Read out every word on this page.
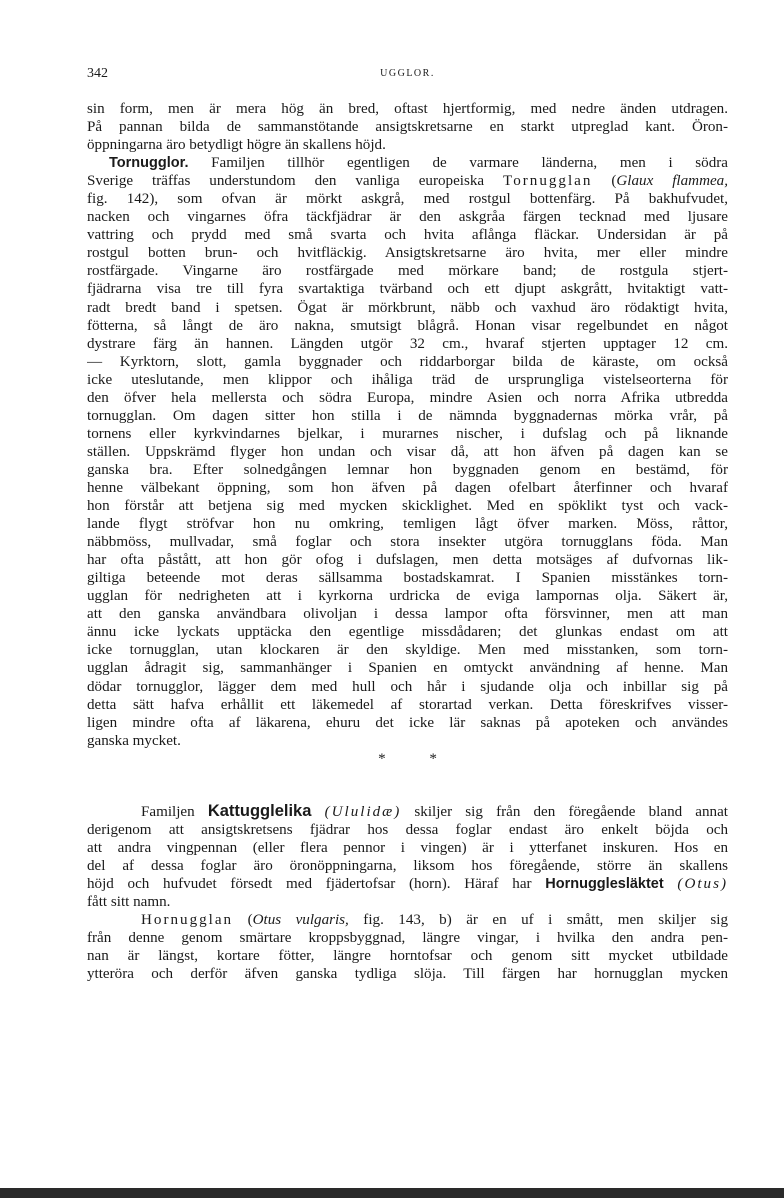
342	UGGLOR.

sin form, men är mera hög än bred, oftast hjertformig, med nedre änden utdragen.
På pannan bilda de sammanstötande ansigtskretsarne en starkt utpreglad kant. Öron-
öppningarna äro betydligt högre än skallens höjd.

Tornugglor. Familjen tillhör egentligen de varmare länderna, men i södra
Sverige träffas understundom den vanliga europeiska Tornugglan (Glaux flammea,
fig. 142), som ofvan är mörkt askgrå, med rostgul bottenfärg. På bakhufvudet,
nacken och vingarnes öfra täckfjädrar är den askgråa färgen tecknad med ljusare
vattring och prydd med små svarta och hvita aflånga fläckar. Undersidan är på
rostgul botten brun- och hvitfläckig. Ansigtskretsarne äro hvita, mer eller mindre
rostfärgade. Vingarne äro rostfärgade med mörkare band; de rostgula stjert-
fjädrarna visa tre till fyra svartaktiga tvärband och ett djupt askgrått, hvitaktigt vatt-
radt bredt band i spetsen. Ögat är mörkbrunt, näbb och vaxhud äro rödaktigt hvita,
fötterna, så långt de äro nakna, smutsigt blågrå. Honan visar regelbundet en något
dystrare färg än hannen. Längden utgör 32 cm., hvaraf stjerten upptager 12 cm.
— Kyrktorn, slott, gamla byggnader och riddarborgar bilda de käraste, om också
icke uteslutande, men klippor och ihåliga träd de ursprungliga vistelseorterna för
den öfver hela mellersta och södra Europa, mindre Asien och norra Afrika utbredda
tornugglan. Om dagen sitter hon stilla i de nämnda byggnadernas mörka vrår, på
tornens eller kyrkvindarnes bjelkar, i murarnes nischer, i dufslag och på liknande
ställen. Uppskrämd flyger hon undan och visar då, att hon äfven på dagen kan se
ganska bra. Efter solnedgången lemnar hon byggnaden genom en bestämd, för
henne välbekant öppning, som hon äfven på dagen ofelbart återfinner och hvaraf
hon förstår att betjena sig med mycken skicklighet. Med en spöklikt tyst och vack-
lande flygt ströfvar hon nu omkring, temligen lågt öfver marken. Möss, råttor,
näbbmöss, mullvadar, små foglar och stora insekter utgöra tornugglans föda. Man
har ofta påstått, att hon gör ofog i dufslagen, men detta motsäges af dufvornas lik-
giltiga beteende mot deras sällsamma bostadskamrat. I Spanien misstänkes torn-
ugglan för nedrigheten att i kyrkorna urdricka de eviga lampornas olja. Säkert är,
att den ganska användbara olivoljan i dessa lampor ofta försvinner, men att man
ännu icke lyckats upptäcka den egentlige missdådaren; det glunkas endast om att
icke tornugglan, utan klockaren är den skyldige. Men med misstanken, som torn-
ugglan ådragit sig, sammanhänger i Spanien en omtyckt användning af henne. Man
dödar tornugglor, lägger dem med hull och hår i sjudande olja och inbillar sig på
detta sätt hafva erhållit ett läkemedel af storartad verkan. Detta föreskrifves visser-
ligen mindre ofta af läkarena, ehuru det icke lär saknas på apoteken och användes
ganska mycket.

* *

Familjen Kattugglelika (Ululidæ) skiljer sig från den föregående bland annat
derigenom att ansigtskretsens fjädrar hos dessa foglar endast äro enkelt böjda och
att andra vingpennan (eller flera pennor i vingen) är i ytterfanet inskuren. Hos en
del af dessa foglar äro öronöppningarna, liksom hos föregående, större än skallens
höjd och hufvudet försedt med fjädertofsar (horn). Häraf har Hornugglesläktet (Otus)
fått sitt namn.

Hornugglan (Otus vulgaris, fig. 143, b) är en uf i smått, men skiljer sig
från denne genom smärtare kroppsbyggnad, längre vingar, i hvilka den andra pen-
nan är längst, kortare fötter, längre horntofsar och genom sitt mycket utbildade
ytteröra och derför äfven ganska tydliga slöja. Till färgen har hornugglan mycken
